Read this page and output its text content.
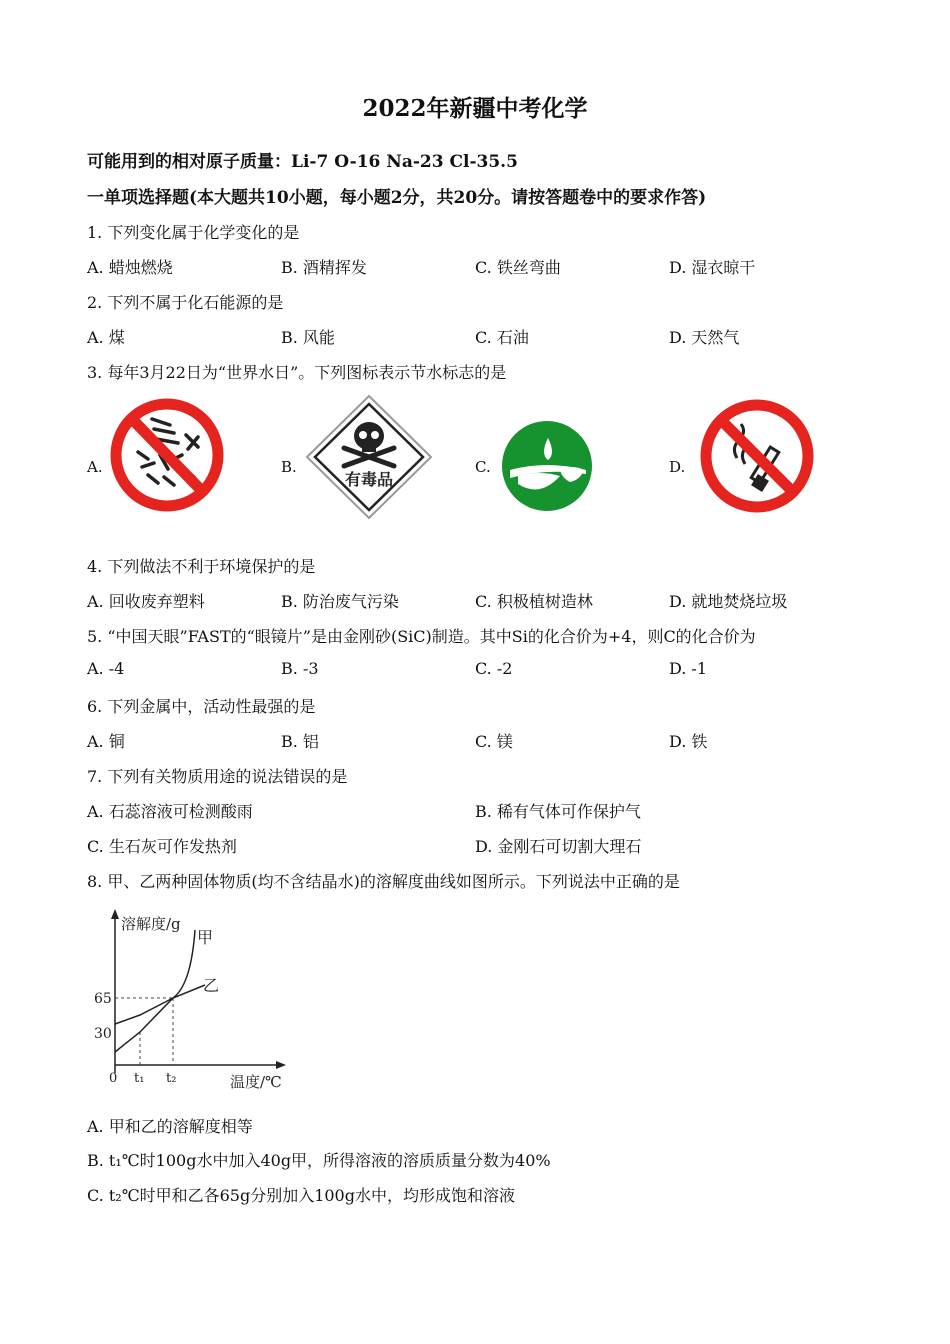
2022年新疆中考化学
可能用到的相对原子质量：Li-7 O-16 Na-23 Cl-35.5
一单项选择题(本大题共10小题，每小题2分，共20分。请按答题卷中的要求作答)
1. 下列变化属于化学变化的是
A. 蜡烛燃烧	B. 酒精挥发	C. 铁丝弯曲	D. 湿衣晾干
2. 下列不属于化石能源的是
A. 煤	B. 风能	C. 石油	D. 天然气
3. 每年3月22日为“世界水日”。下列图标表示节水标志的是
A.	B.	C.	D.
有毒品
4. 下列做法不利于环境保护的是
A. 回收废弃塑料	B. 防治废气污染	C. 积极植树造林	D. 就地焚烧垃圾
5. “中国天眼”FAST的“眼镜片”是由金刚砂(SiC)制造。其中Si的化合价为+4，则C的化合价为
A. -4	B. -3	C. -2	D. -1
6. 下列金属中，活动性最强的是
A. 铜	B. 铝	C. 镁	D. 铁
7. 下列有关物质用途的说法错误的是
A. 石蕊溶液可检测酸雨	B. 稀有气体可作保护气
C. 生石灰可作发热剂	D. 金刚石可切割大理石
8. 甲、乙两种固体物质(均不含结晶水)的溶解度曲线如图所示。下列说法中正确的是
溶解度/g
温度/℃
0 t₁ t₂
65
30
甲
乙
A. 甲和乙的溶解度相等
B. t₁℃时100g水中加入40g甲，所得溶液的溶质质量分数为40%
C. t₂℃时甲和乙各65g分别加入100g水中，均形成饱和溶液
